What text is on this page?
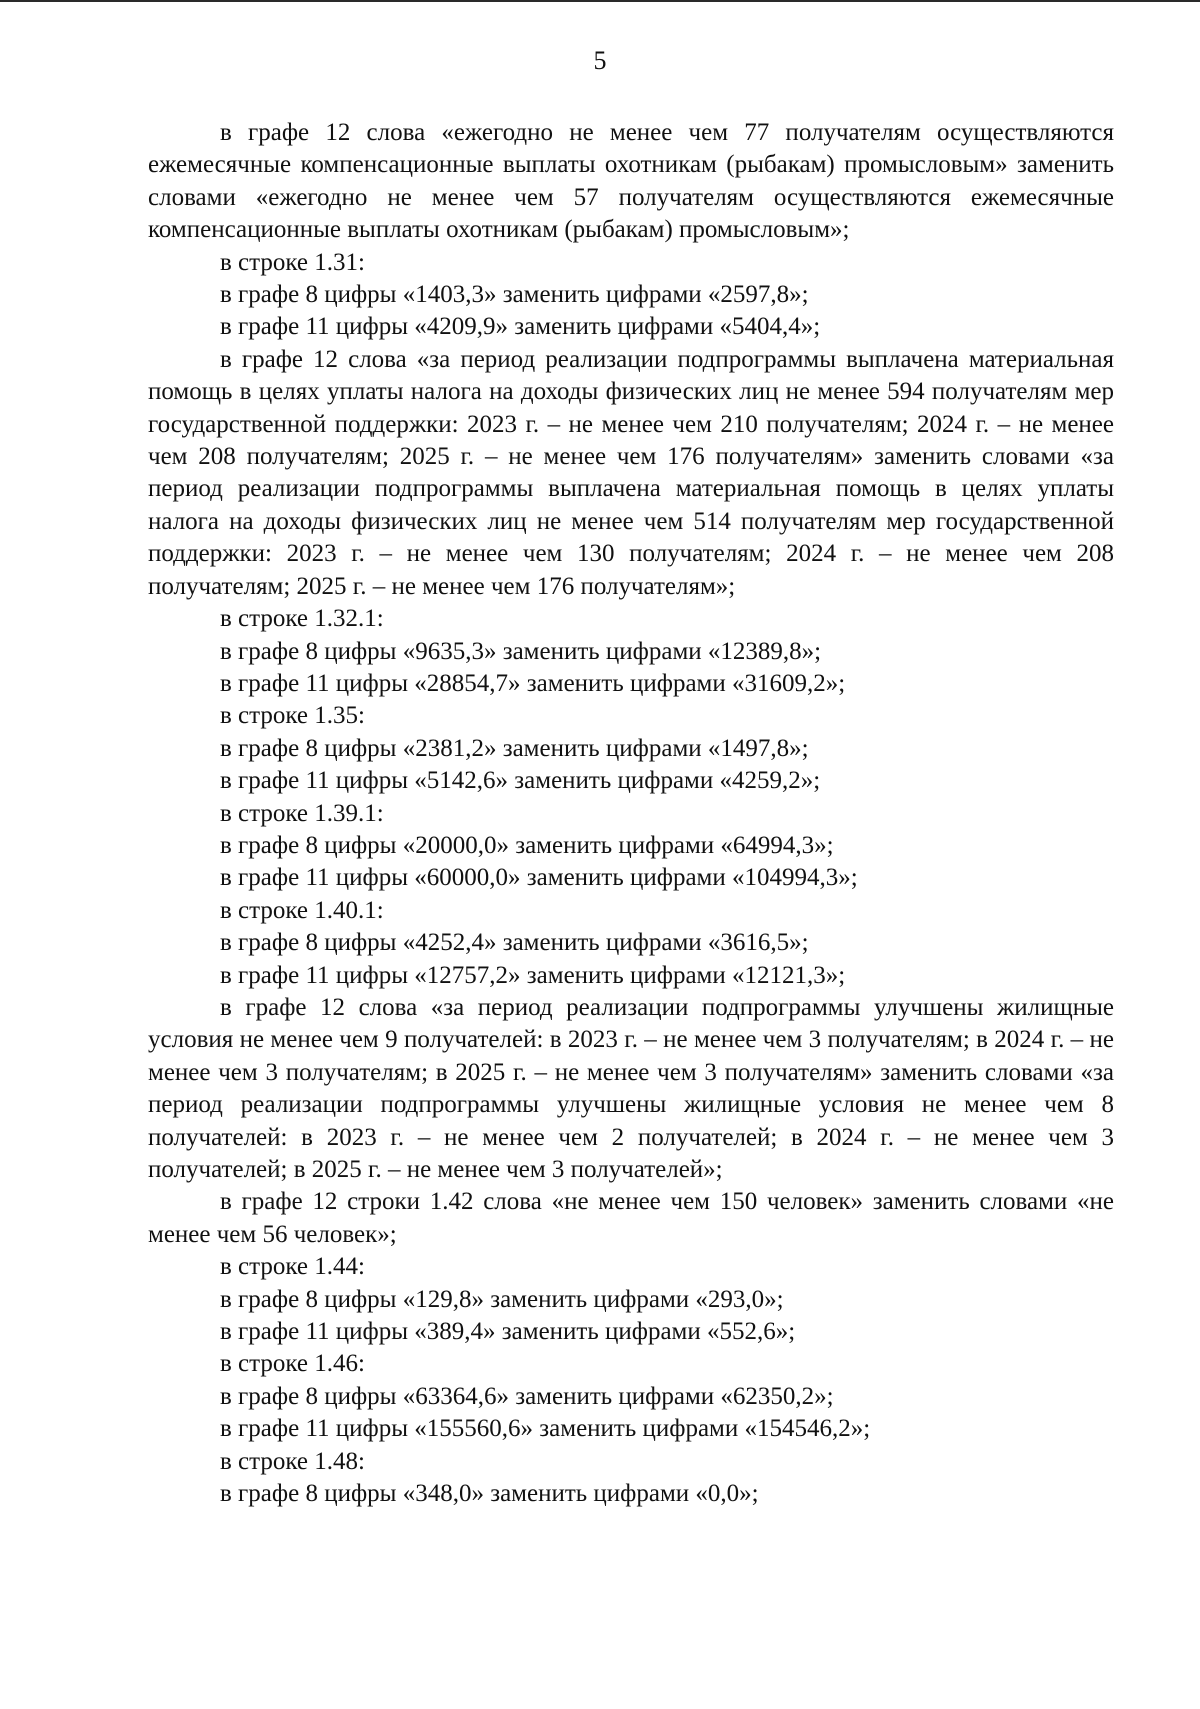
5

в графе 12 слова «ежегодно не менее чем 77 получателям осуществляются ежемесячные компенсационные выплаты охотникам (рыбакам) промысловым» заменить словами «ежегодно не менее чем 57 получателям осуществляются ежемесячные компенсационные выплаты охотникам (рыбакам) промысловым»;

в строке 1.31:

в графе 8 цифры «1403,3» заменить цифрами «2597,8»;

в графе 11 цифры «4209,9» заменить цифрами «5404,4»;

в графе 12 слова «за период реализации подпрограммы выплачена материальная помощь в целях уплаты налога на доходы физических лиц не менее 594 получателям мер государственной поддержки: 2023 г. – не менее чем 210 получателям; 2024 г. – не менее чем 208 получателям; 2025 г. – не менее чем 176 получателям» заменить словами «за период реализации подпрограммы выплачена материальная помощь в целях уплаты налога на доходы физических лиц не менее чем 514 получателям мер государственной поддержки: 2023 г. – не менее чем 130 получателям; 2024 г. – не менее чем 208 получателям; 2025 г. – не менее чем 176 получателям»;

в строке 1.32.1:

в графе 8 цифры «9635,3» заменить цифрами «12389,8»;

в графе 11 цифры «28854,7» заменить цифрами «31609,2»;

в строке 1.35:

в графе 8 цифры «2381,2» заменить цифрами «1497,8»;

в графе 11 цифры «5142,6» заменить цифрами «4259,2»;

в строке 1.39.1:

в графе 8 цифры «20000,0» заменить цифрами «64994,3»;

в графе 11 цифры «60000,0» заменить цифрами «104994,3»;

в строке 1.40.1:

в графе 8 цифры «4252,4» заменить цифрами «3616,5»;

в графе 11 цифры «12757,2» заменить цифрами «12121,3»;

в графе 12 слова «за период реализации подпрограммы улучшены жилищные условия не менее чем 9 получателей: в 2023 г. – не менее чем 3 получателям; в 2024 г. – не менее чем 3 получателям; в 2025 г. – не менее чем 3 получателям» заменить словами «за период реализации подпрограммы улучшены жилищные условия не менее чем 8 получателей: в 2023 г. – не менее чем 2 получателей; в 2024 г. – не менее чем 3 получателей; в 2025 г. – не менее чем 3 получателей»;

в графе 12 строки 1.42 слова «не менее чем 150 человек» заменить словами «не менее чем 56 человек»;

в строке 1.44:

в графе 8 цифры «129,8» заменить цифрами «293,0»;

в графе 11 цифры «389,4» заменить цифрами «552,6»;

в строке 1.46:

в графе 8 цифры «63364,6» заменить цифрами «62350,2»;

в графе 11 цифры «155560,6» заменить цифрами «154546,2»;

в строке 1.48:

в графе 8 цифры «348,0» заменить цифрами «0,0»;
